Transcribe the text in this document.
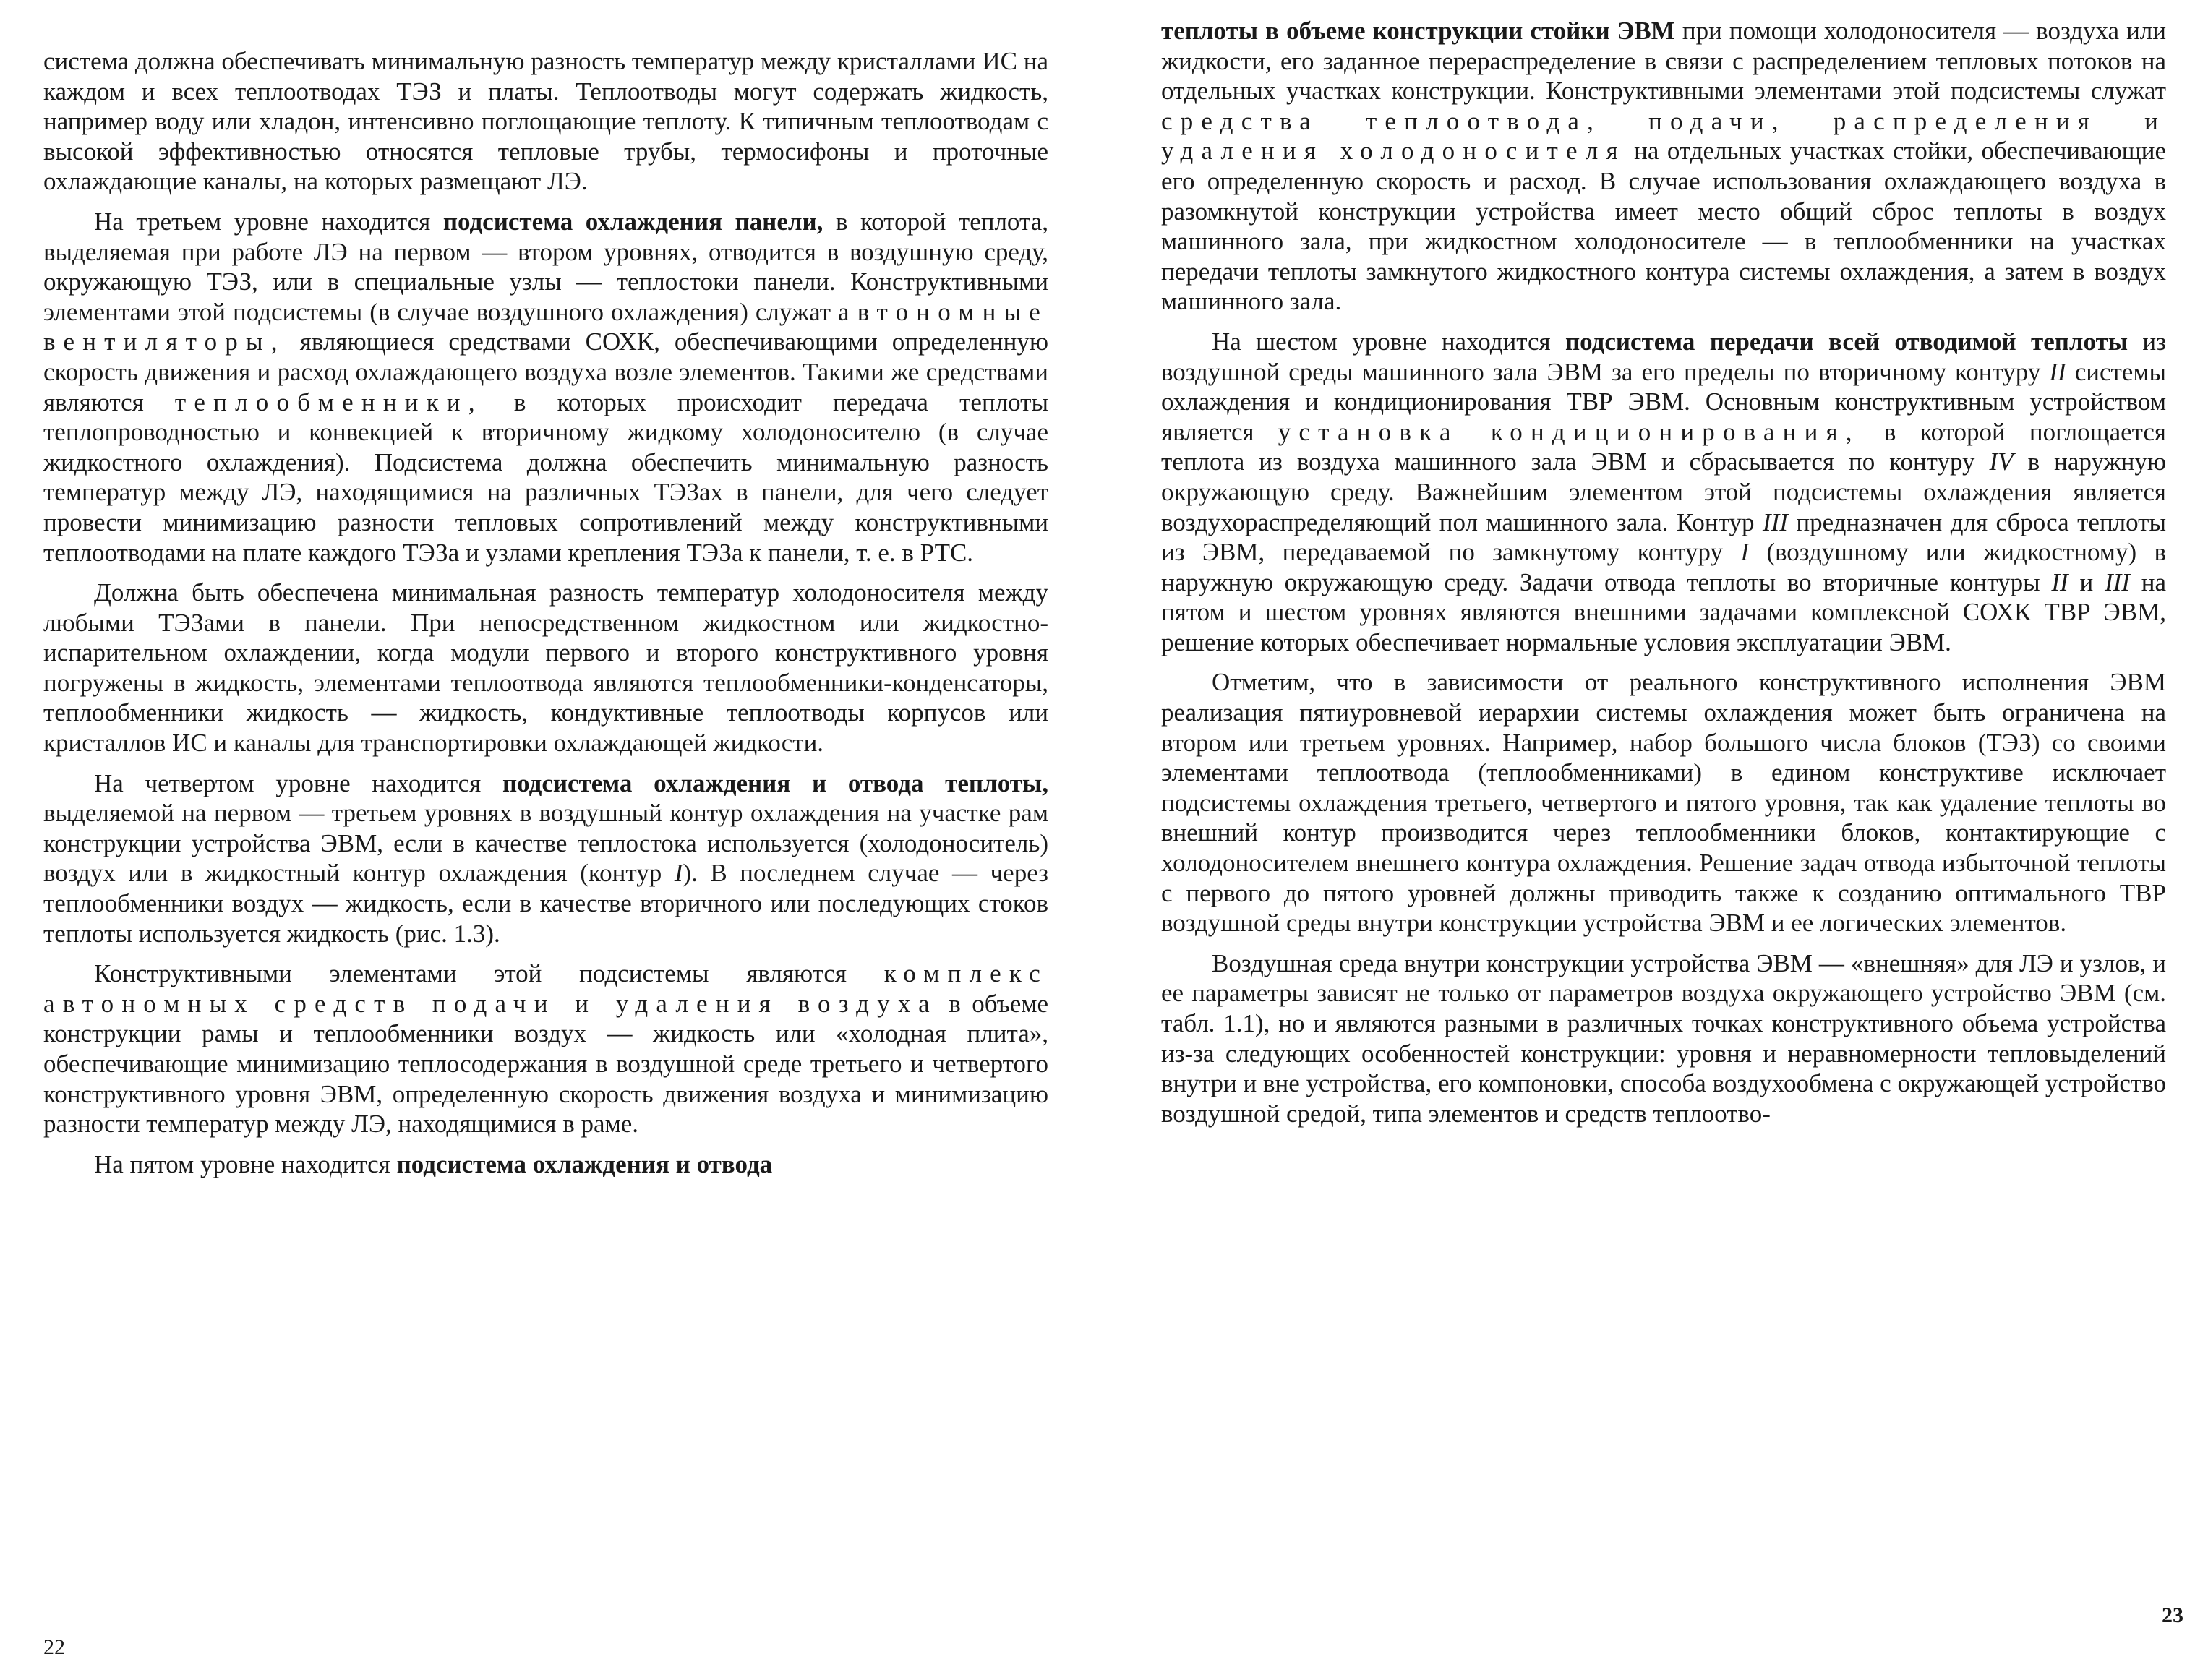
система должна обеспечивать минимальную разность температур между кристаллами ИС на каждом и всех теплоотводах ТЭЗ и платы. Теплоотводы могут содержать жидкость, например воду или хладон, интенсивно поглощающие теплоту. К типичным теплоотводам с высокой эффективностью относятся тепловые трубы, термосифоны и проточные охлаждающие каналы, на которых размещают ЛЭ.

На третьем уровне находится подсистема охлаждения панели, в которой теплота, выделяемая при работе ЛЭ на первом — втором уровнях, отводится в воздушную среду, окружающую ТЭЗ, или в специальные узлы — теплостоки панели. Конструктивными элементами этой подсистемы (в случае воздушного охлаждения) служат автономные вентиляторы, являющиеся средствами СОХК, обеспечивающими определенную скорость движения и расход охлаждающего воздуха возле элементов. Такими же средствами являются теплообменники, в которых происходит передача теплоты теплопроводностью и конвекцией к вторичному жидкому холодоносителю (в случае жидкостного охлаждения). Подсистема должна обеспечить минимальную разность температур между ЛЭ, находящимися на различных ТЭЗах в панели, для чего следует провести минимизацию разности тепловых сопротивлений между конструктивными теплоотводами на плате каждого ТЭЗа и узлами крепления ТЭЗа к панели, т. е. в РТС.

Должна быть обеспечена минимальная разность температур холодоносителя между любыми ТЭЗами в панели. При непосредственном жидкостном или жидкостно-испарительном охлаждении, когда модули первого и второго конструктивного уровня погружены в жидкость, элементами теплоотвода являются теплообменники-конденсаторы, теплообменники жидкость — жидкость, кондуктивные теплоотводы корпусов или кристаллов ИС и каналы для транспортировки охлаждающей жидкости.

На четвертом уровне находится подсистема охлаждения и отвода теплоты, выделяемой на первом — третьем уровнях в воздушный контур охлаждения на участке рам конструкции устройства ЭВМ, если в качестве теплостока используется (холодоноситель) воздух или в жидкостный контур охлаждения (контур I). В последнем случае — через теплообменники воздух — жидкость, если в качестве вторичного или последующих стоков теплоты используется жидкость (рис. 1.3).

Конструктивными элементами этой подсистемы являются комплекс автономных средств подачи и удаления воздуха в объеме конструкции рамы и теплообменники воздух — жидкость или «холодная плита», обеспечивающие минимизацию теплосодержания в воздушной среде третьего и четвертого конструктивного уровня ЭВМ, определенную скорость движения воздуха и минимизацию разности температур между ЛЭ, находящимися в раме.

На пятом уровне находится подсистема охлаждения и отвода

22

теплоты в объеме конструкции стойки ЭВМ при помощи холодоносителя — воздуха или жидкости, его заданное перераспределение в связи с распределением тепловых потоков на отдельных участках конструкции. Конструктивными элементами этой подсистемы служат средства теплоотвода, подачи, распределения и удаления холодоносителя на отдельных участках стойки, обеспечивающие его определенную скорость и расход. В случае использования охлаждающего воздуха в разомкнутой конструкции устройства имеет место общий сброс теплоты в воздух машинного зала, при жидкостном холодоносителе — в теплообменники на участках передачи теплоты замкнутого жидкостного контура системы охлаждения, а затем в воздух машинного зала.

На шестом уровне находится подсистема передачи всей отводимой теплоты из воздушной среды машинного зала ЭВМ за его пределы по вторичному контуру II системы охлаждения и кондиционирования ТВР ЭВМ. Основным конструктивным устройством является установка кондиционирования, в которой поглощается теплота из воздуха машинного зала ЭВМ и сбрасывается по контуру IV в наружную окружающую среду. Важнейшим элементом этой подсистемы охлаждения является воздухораспределяющий пол машинного зала. Контур III предназначен для сброса теплоты из ЭВМ, передаваемой по замкнутому контуру I (воздушному или жидкостному) в наружную окружающую среду. Задачи отвода теплоты во вторичные контуры II и III на пятом и шестом уровнях являются внешними задачами комплексной СОХК ТВР ЭВМ, решение которых обеспечивает нормальные условия эксплуатации ЭВМ.

Отметим, что в зависимости от реального конструктивного исполнения ЭВМ реализация пятиуровневой иерархии системы охлаждения может быть ограничена на втором или третьем уровнях. Например, набор большого числа блоков (ТЭЗ) со своими элементами теплоотвода (теплообменниками) в едином конструктиве исключает подсистемы охлаждения третьего, четвертого и пятого уровня, так как удаление теплоты во внешний контур производится через теплообменники блоков, контактирующие с холодоносителем внешнего контура охлаждения. Решение задач отвода избыточной теплоты с первого до пятого уровней должны приводить также к созданию оптимального ТВР воздушной среды внутри конструкции устройства ЭВМ и ее логических элементов.

Воздушная среда внутри конструкции устройства ЭВМ — «внешняя» для ЛЭ и узлов, и ее параметры зависят не только от параметров воздуха окружающего устройство ЭВМ (см. табл. 1.1), но и являются разными в различных точках конструктивного объема устройства из-за следующих особенностей конструкции: уровня и неравномерности тепловыделений внутри и вне устройства, его компоновки, способа воздухообмена с окружающей устройство воздушной средой, типа элементов и средств теплоотво-

23
